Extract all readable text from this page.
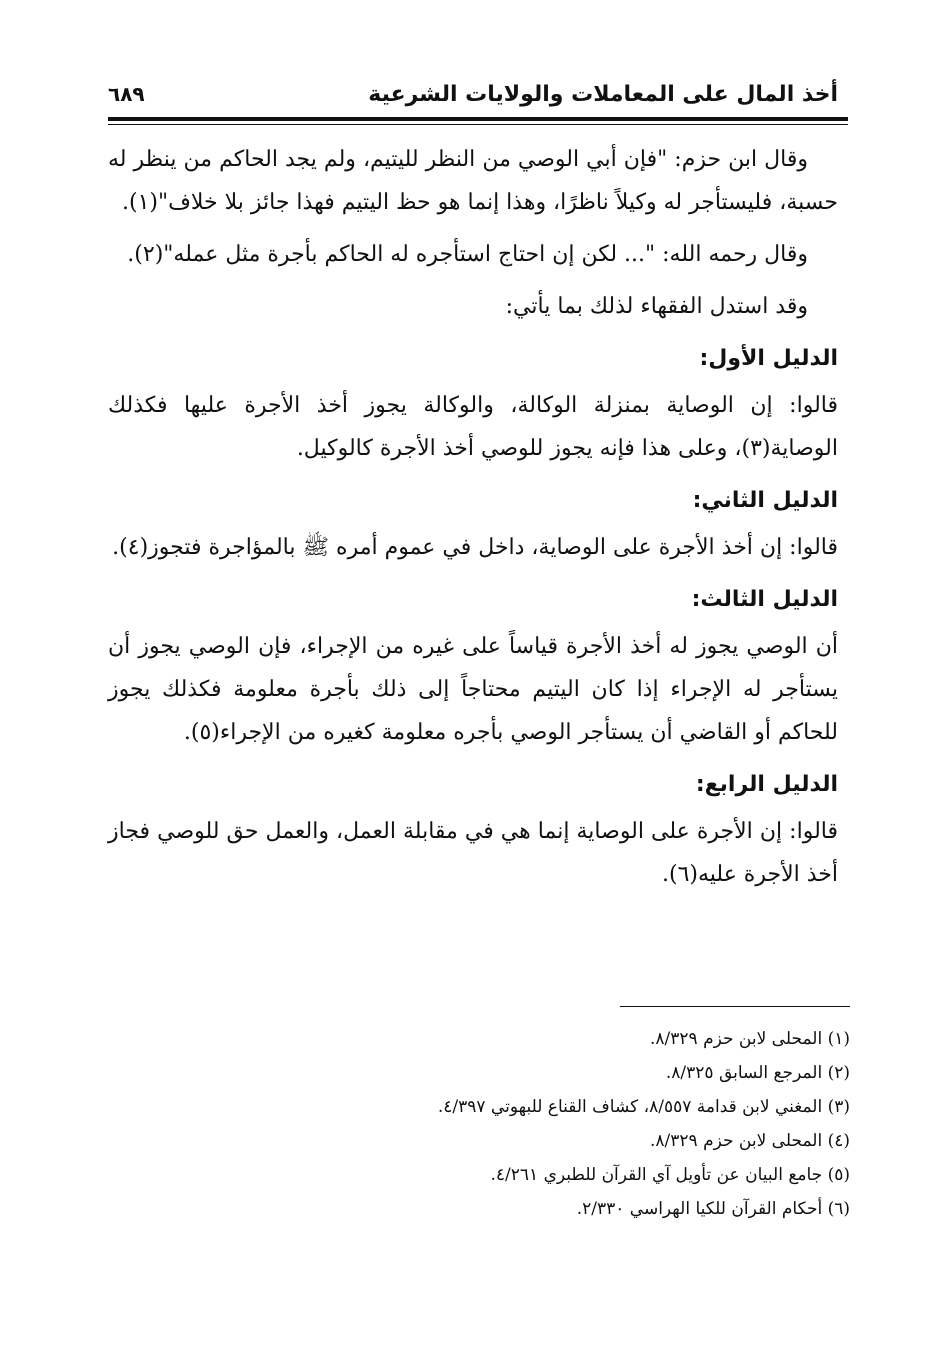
أخذ المال على المعاملات والولايات الشرعية
٦٨٩

وقال ابن حزم: "فإن أبي الوصي من النظر لليتيم، ولم يجد الحاكم من ينظر له حسبة، فليستأجر له وكيلاً ناظرًا، وهذا إنما هو حظ اليتيم فهذا جائز بلا خلاف"(١).

وقال رحمه الله: "... لكن إن احتاج استأجره له الحاكم بأجرة مثل عمله"(٢).

وقد استدل الفقهاء لذلك بما يأتي:

الدليل الأول:

قالوا: إن الوصاية بمنزلة الوكالة، والوكالة يجوز أخذ الأجرة عليها فكذلك الوصاية(٣)، وعلى هذا فإنه يجوز للوصي أخذ الأجرة كالوكيل.

الدليل الثاني:

قالوا: إن أخذ الأجرة على الوصاية، داخل في عموم أمره ﷺ بالمؤاجرة فتجوز(٤).

الدليل الثالث:

أن الوصي يجوز له أخذ الأجرة قياساً على غيره من الإجراء، فإن الوصي يجوز أن يستأجر له الإجراء إذا كان اليتيم محتاجاً إلى ذلك بأجرة معلومة فكذلك يجوز للحاكم أو القاضي أن يستأجر الوصي بأجره معلومة كغيره من الإجراء(٥).

الدليل الرابع:

قالوا: إن الأجرة على الوصاية إنما هي في مقابلة العمل، والعمل حق للوصي فجاز أخذ الأجرة عليه(٦).

(١) المحلى لابن حزم ٨/٣٢٩.

(٢) المرجع السابق ٨/٣٢٥.

(٣) المغني لابن قدامة ٨/٥٥٧، كشاف القناع للبهوتي ٤/٣٩٧.

(٤) المحلى لابن حزم ٨/٣٢٩.

(٥) جامع البيان عن تأويل آي القرآن للطبري ٤/٢٦١.

(٦) أحكام القرآن للكيا الهراسي ٢/٣٣٠.
